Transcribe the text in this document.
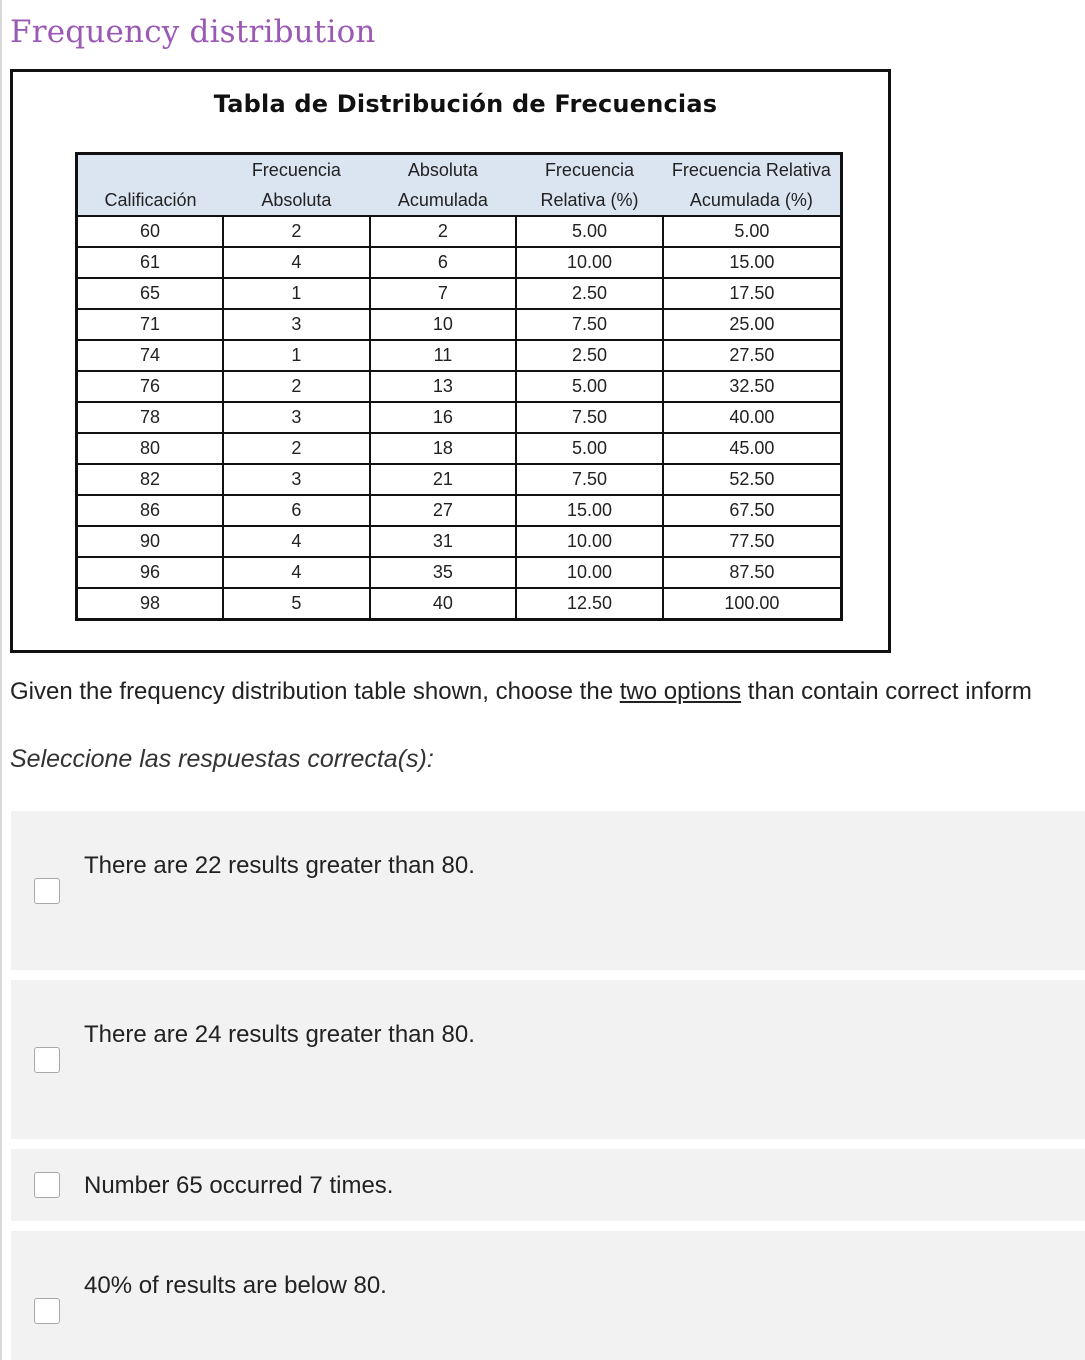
Frequency distribution
Tabla de Distribución de Frecuencias
	Frecuencia	Absoluta	Frecuencia	Frecuencia Relativa
Calificación	Absoluta	Acumulada	Relativa (%)	Acumulada (%)
60	2	2	5.00	5.00
61	4	6	10.00	15.00
65	1	7	2.50	17.50
71	3	10	7.50	25.00
74	1	11	2.50	27.50
76	2	13	5.00	32.50
78	3	16	7.50	40.00
80	2	18	5.00	45.00
82	3	21	7.50	52.50
86	6	27	15.00	67.50
90	4	31	10.00	77.50
96	4	35	10.00	87.50
98	5	40	12.50	100.00

Given the frequency distribution table shown, choose the two options than contain correct inform

Seleccione las respuestas correcta(s):

There are 22 results greater than 80.
There are 24 results greater than 80.
Number 65 occurred 7 times.
40% of results are below 80.
